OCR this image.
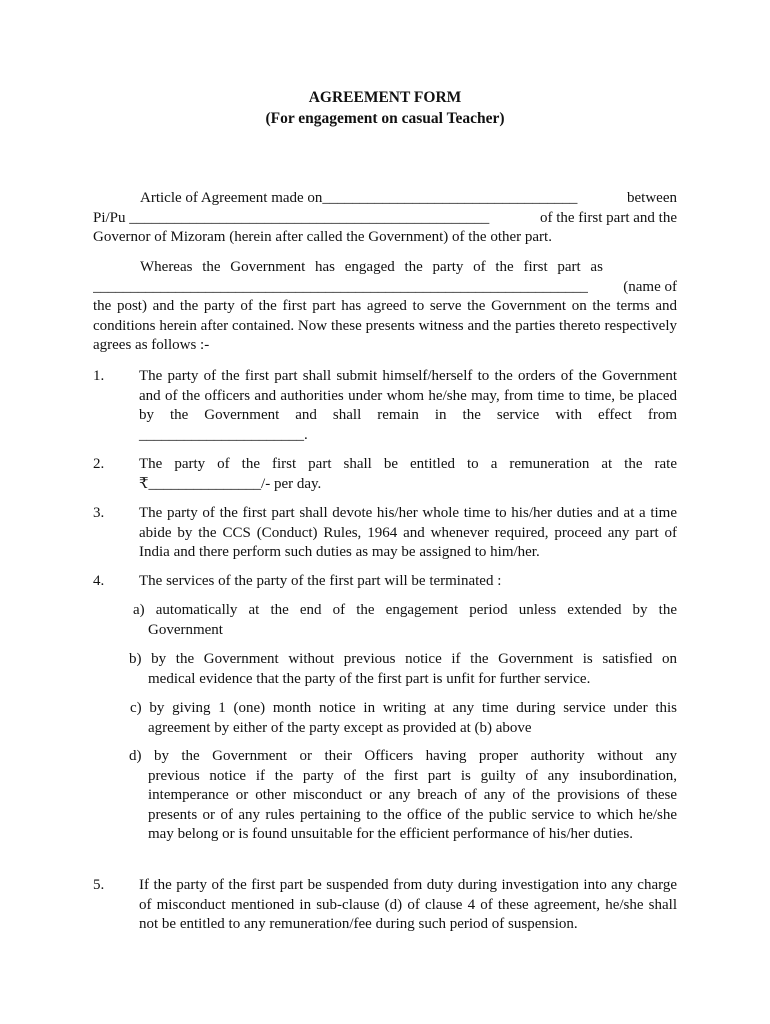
AGREEMENT FORM
(For engagement on casual Teacher)
Article of Agreement made on__________________________________	between
Pi/Pu ________________________________________________	of the first part and the
Governor of Mizoram (herein after called the Government) of the other part.
Whereas the Government has engaged the party of the first part as
__________________________________________________________________ (name of
the post) and the party of the first part has agreed to serve the Government on the terms and conditions herein after contained. Now these presents witness and the parties thereto respectively agrees as follows :-
1. The party of the first part shall submit himself/herself to the orders of the Government and of the officers and authorities under whom he/she may, from time to time, be placed by the Government and shall remain in the service with effect from ______________________.
2. The party of the first part shall be entitled to a remuneration at the rate ₹_______________/- per day.
3. The party of the first part shall devote his/her whole time to his/her duties and at a time abide by the CCS (Conduct) Rules, 1964 and whenever required, proceed any part of India and there perform such duties as may be assigned to him/her.
4. The services of the party of the first part will be terminated :
a) automatically at the end of the engagement period unless extended by the
Government
b) by the Government without previous notice if the Government is satisfied on
medical evidence that the party of the first part is unfit for further service.
c) by giving 1 (one) month notice in writing at any time during service under this
agreement by either of the party except as provided at (b) above
d) by the Government or their Officers having proper authority without any
previous notice if the party of the first part is guilty of any insubordination, intemperance or other misconduct or any breach of any of the provisions of these presents or of any rules pertaining to the office of the public service to which he/she may belong or is found unsuitable for the efficient performance of his/her duties.
5. If the party of the first part be suspended from duty during investigation into any charge of misconduct mentioned in sub-clause (d) of clause 4 of these agreement, he/she shall not be entitled to any remuneration/fee during such period of suspension.
